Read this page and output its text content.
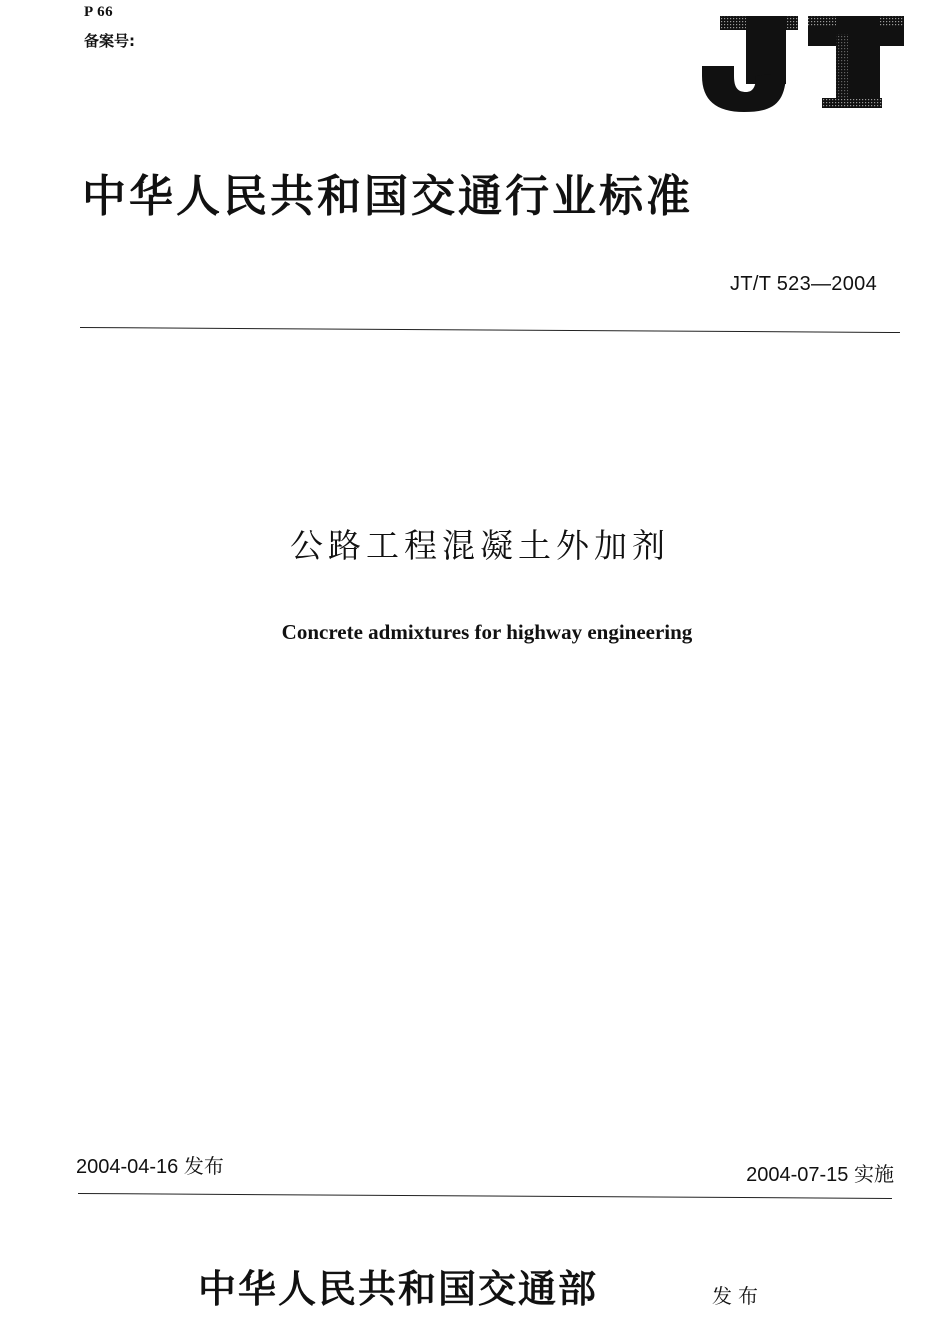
P 66
备案号:
中华人民共和国交通行业标准
JT/T 523—2004
公路工程混凝土外加剂
Concrete admixtures for highway engineering
2004-04-16 发布	2004-07-15 实施
中华人民共和国交通部	发布
